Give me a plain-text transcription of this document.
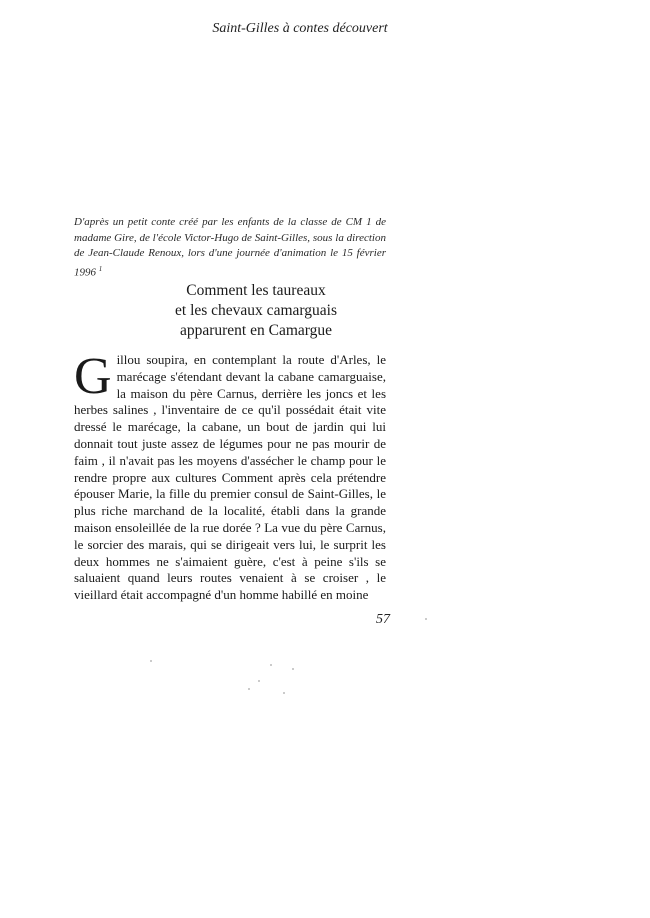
Saint-Gilles à contes découvert
D'après un petit conte créé par les enfants de la classe de CM 1 de madame Gire, de l'école Victor-Hugo de Saint-Gilles, sous la direction de Jean-Claude Renoux, lors d'une journée d'animation le 15 février 1996 $^1$
Comment les taureaux
et les chevaux camarguais
apparurent en Camargue
G illou soupira, en contemplant la route d'Arles, le marécage s'étendant devant la cabane camarguaise, la maison du père Carnus, derrière les joncs et les herbes salines , l'inventaire de ce qu'il possédait était vite dressé le marécage, la cabane, un bout de jardin qui lui donnait tout juste assez de légumes pour ne pas mourir de faim , il n'avait pas les moyens d'assécher le champ pour le rendre propre aux cultures Comment après cela prétendre épouser Marie, la fille du premier consul de Saint-Gilles, le plus riche marchand de la localité, établi dans la grande maison ensoleillée de la rue dorée ? La vue du père Carnus, le sorcier des marais, qui se dirigeait vers lui, le surprit les deux hommes ne s'aimaient guère, c'est à peine s'ils se saluaient quand leurs routes venaient à se croiser , le vieillard était accompagné d'un homme habillé en moine
57
